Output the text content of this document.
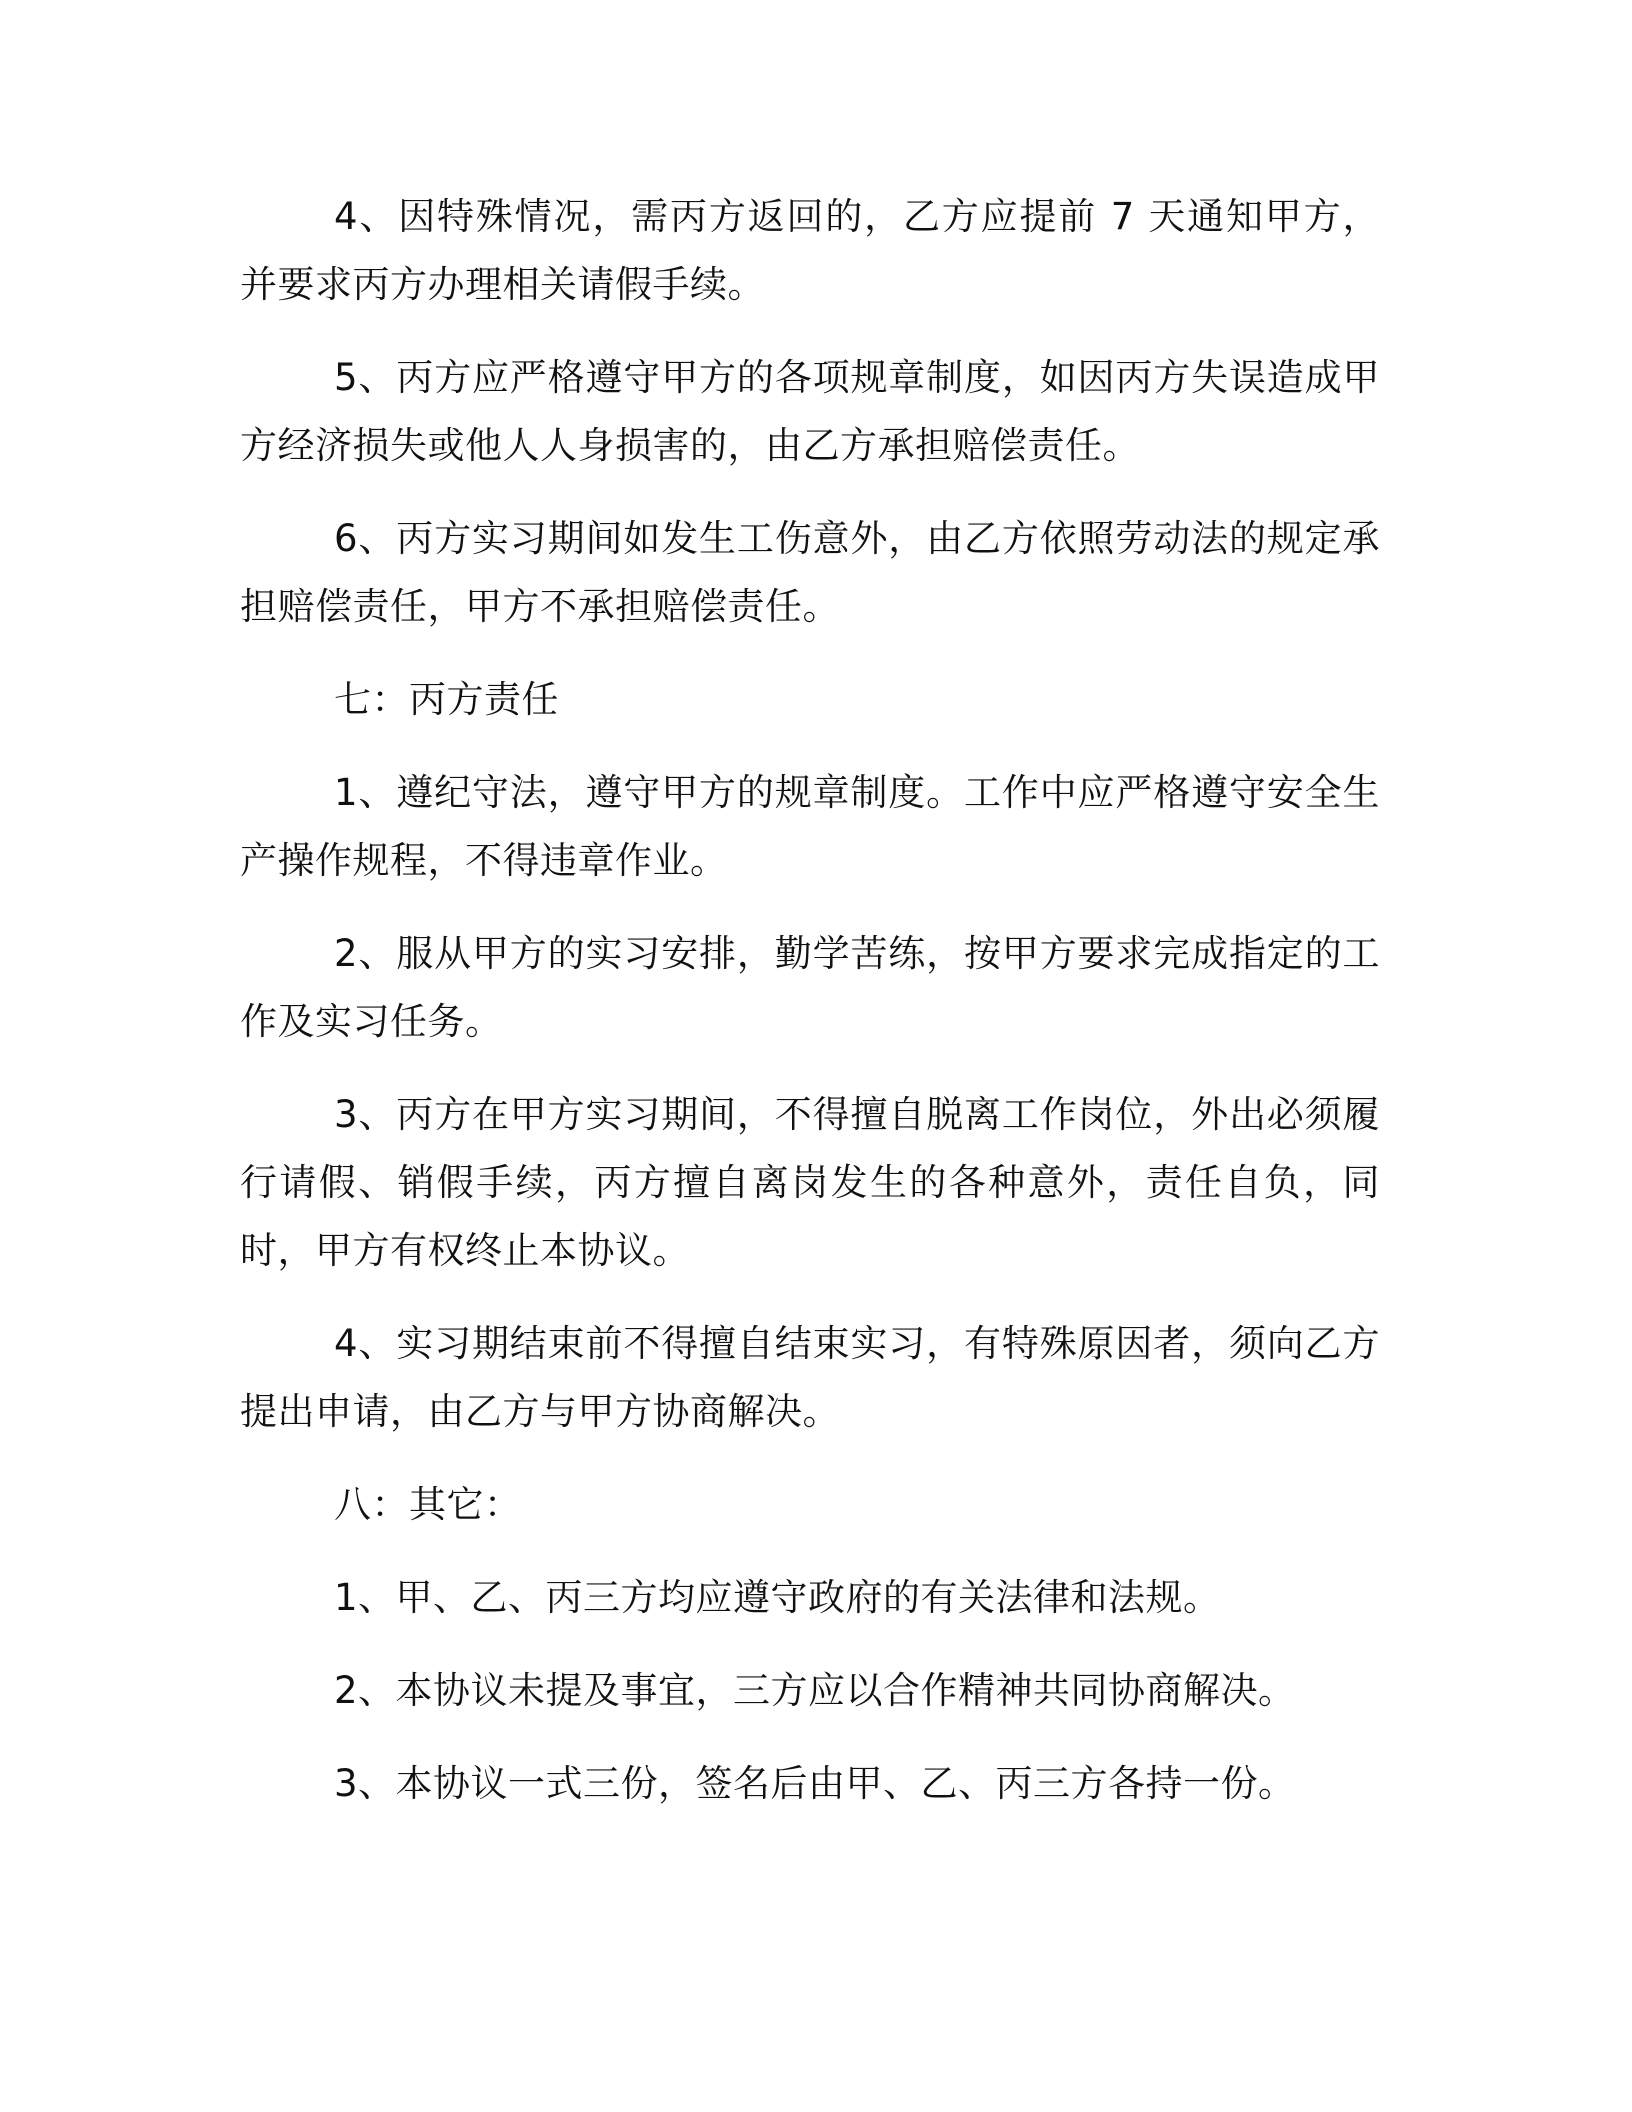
4、因特殊情况，需丙方返回的，乙方应提前 7 天通知甲方，并要求丙方办理相关请假手续。

5、丙方应严格遵守甲方的各项规章制度，如因丙方失误造成甲方经济损失或他人人身损害的，由乙方承担赔偿责任。

6、丙方实习期间如发生工伤意外，由乙方依照劳动法的规定承担赔偿责任，甲方不承担赔偿责任。

七：丙方责任

1、遵纪守法，遵守甲方的规章制度。工作中应严格遵守安全生产操作规程，不得违章作业。

2、服从甲方的实习安排，勤学苦练，按甲方要求完成指定的工作及实习任务。

3、丙方在甲方实习期间，不得擅自脱离工作岗位，外出必须履行请假、销假手续，丙方擅自离岗发生的各种意外，责任自负，同时，甲方有权终止本协议。

4、实习期结束前不得擅自结束实习，有特殊原因者，须向乙方提出申请，由乙方与甲方协商解决。

八：其它：

1、甲、乙、丙三方均应遵守政府的有关法律和法规。

2、本协议未提及事宜，三方应以合作精神共同协商解决。

3、本协议一式三份，签名后由甲、乙、丙三方各持一份。
